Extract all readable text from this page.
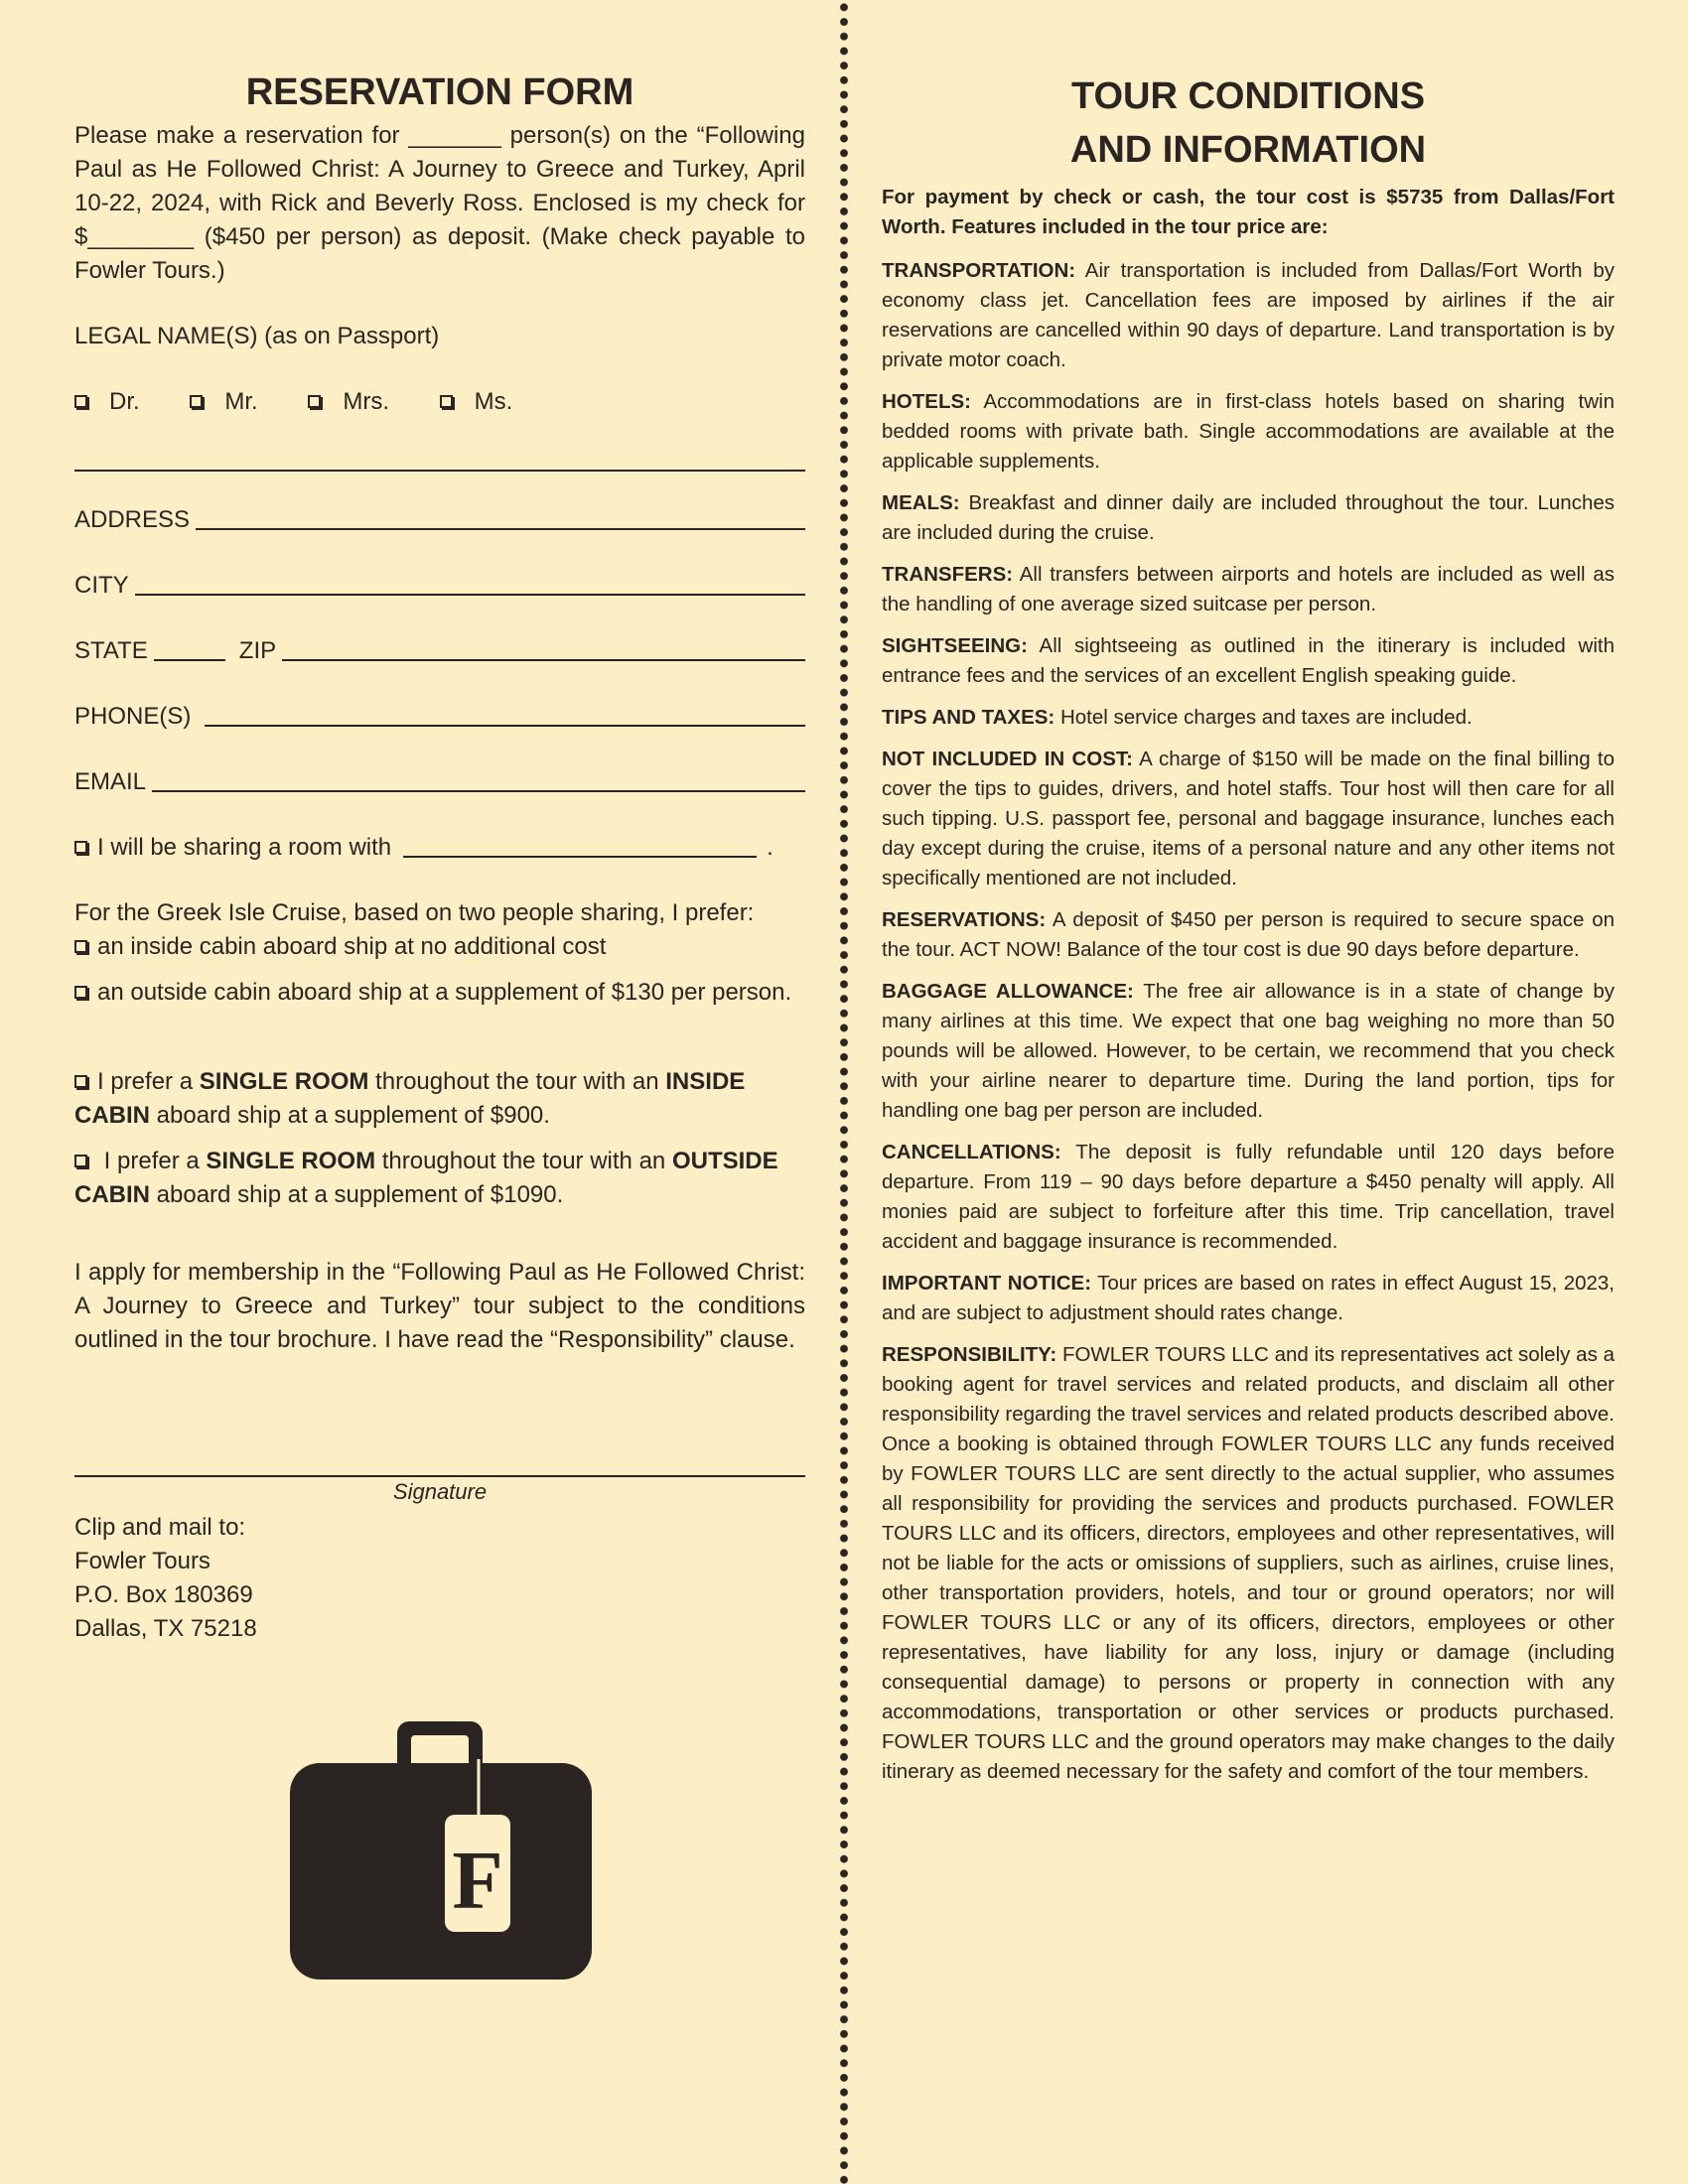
RESERVATION FORM

Please make a reservation for _______ person(s) on the “Following Paul as He Followed Christ: A Journey to Greece and Turkey, April 10-22, 2024, with Rick and Beverly Ross. Enclosed is my check for $________ ($450 per person) as deposit. (Make check payable to Fowler Tours.)

LEGAL NAME(S) (as on Passport)
Dr.	Mr.	Mrs.	Ms.
ADDRESS
CITY
STATE	ZIP
PHONE(S)
EMAIL
I will be sharing a room with	.
For the Greek Isle Cruise, based on two people sharing, I prefer:
an inside cabin aboard ship at no additional cost
an outside cabin aboard ship at a supplement of $130 per person.
I prefer a SINGLE ROOM throughout the tour with an INSIDE CABIN aboard ship at a supplement of $900.
I prefer a SINGLE ROOM throughout the tour with an OUTSIDE CABIN aboard ship at a supplement of $1090.

I apply for membership in the “Following Paul as He Followed Christ: A Journey to Greece and Turkey” tour subject to the conditions outlined in the tour brochure. I have read the “Responsibility” clause.

Signature
Clip and mail to:
Fowler Tours
P.O. Box 180369
Dallas, TX 75218
F
TOUR CONDITIONS
AND INFORMATION

For payment by check or cash, the tour cost is $5735 from Dallas/Fort Worth. Features included in the tour price are:

TRANSPORTATION: Air transportation is included from Dallas/Fort Worth by economy class jet. Cancellation fees are imposed by airlines if the air reservations are cancelled within 90 days of departure. Land transportation is by private motor coach.

HOTELS: Accommodations are in first-class hotels based on sharing twin bedded rooms with private bath. Single accommodations are available at the applicable supplements.

MEALS: Breakfast and dinner daily are included throughout the tour. Lunches are included during the cruise.

TRANSFERS: All transfers between airports and hotels are included as well as the handling of one average sized suitcase per person.

SIGHTSEEING: All sightseeing as outlined in the itinerary is included with entrance fees and the services of an excellent English speaking guide.

TIPS AND TAXES: Hotel service charges and taxes are included.

NOT INCLUDED IN COST: A charge of $150 will be made on the final billing to cover the tips to guides, drivers, and hotel staffs. Tour host will then care for all such tipping. U.S. passport fee, personal and baggage insurance, lunches each day except during the cruise, items of a personal nature and any other items not specifically mentioned are not included.

RESERVATIONS: A deposit of $450 per person is required to secure space on the tour. ACT NOW! Balance of the tour cost is due 90 days before departure.

BAGGAGE ALLOWANCE: The free air allowance is in a state of change by many airlines at this time. We expect that one bag weighing no more than 50 pounds will be allowed. However, to be certain, we recommend that you check with your airline nearer to departure time. During the land portion, tips for handling one bag per person are included.

CANCELLATIONS: The deposit is fully refundable until 120 days before departure. From 119 – 90 days before departure a $450 penalty will apply. All monies paid are subject to forfeiture after this time. Trip cancellation, travel accident and baggage insurance is recommended.

IMPORTANT NOTICE: Tour prices are based on rates in effect August 15, 2023, and are subject to adjustment should rates change.

RESPONSIBILITY: FOWLER TOURS LLC and its representatives act solely as a booking agent for travel services and related products, and disclaim all other responsibility regarding the travel services and related products described above. Once a booking is obtained through FOWLER TOURS LLC any funds received by FOWLER TOURS LLC are sent directly to the actual supplier, who assumes all responsibility for providing the services and products purchased. FOWLER TOURS LLC and its officers, directors, employees and other representatives, will not be liable for the acts or omissions of suppliers, such as airlines, cruise lines, other transportation providers, hotels, and tour or ground operators; nor will FOWLER TOURS LLC or any of its officers, directors, employees or other representatives, have liability for any loss, injury or damage (including consequential damage) to persons or property in connection with any accommodations, transportation or other services or products purchased. FOWLER TOURS LLC and the ground operators may make changes to the daily itinerary as deemed necessary for the safety and comfort of the tour members.
